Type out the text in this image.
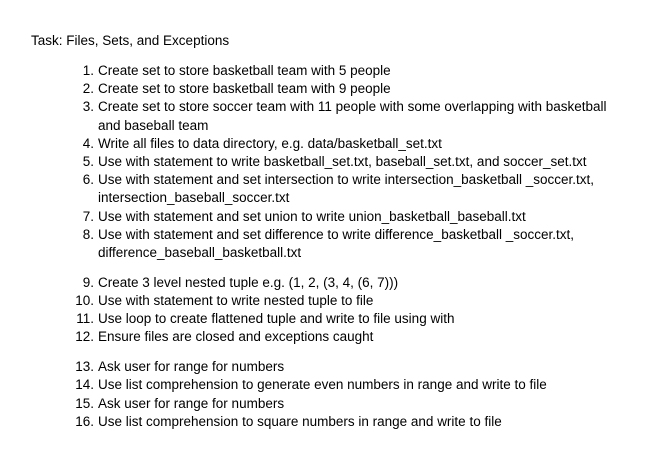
Task: Files, Sets, and Exceptions
1. Create set to store basketball team with 5 people
2. Create set to store basketball team with 9 people
3. Create set to store soccer team with 11 people with some overlapping with basketball and baseball team
4. Write all files to data directory, e.g. data/basketball_set.txt
5. Use with statement to write basketball_set.txt, baseball_set.txt, and soccer_set.txt
6. Use with statement and set intersection to write intersection_basketball _soccer.txt, intersection_baseball_soccer.txt
7. Use with statement and set union to write union_basketball_baseball.txt
8. Use with statement and set difference to write difference_basketball _soccer.txt, difference_baseball_basketball.txt
9. Create 3 level nested tuple e.g. (1, 2, (3, 4, (6, 7)))
10. Use with statement to write nested tuple to file
11. Use loop to create flattened tuple and write to file using with
12. Ensure files are closed and exceptions caught
13. Ask user for range for numbers
14. Use list comprehension to generate even numbers in range and write to file
15. Ask user for range for numbers
16. Use list comprehension to square numbers in range and write to file
